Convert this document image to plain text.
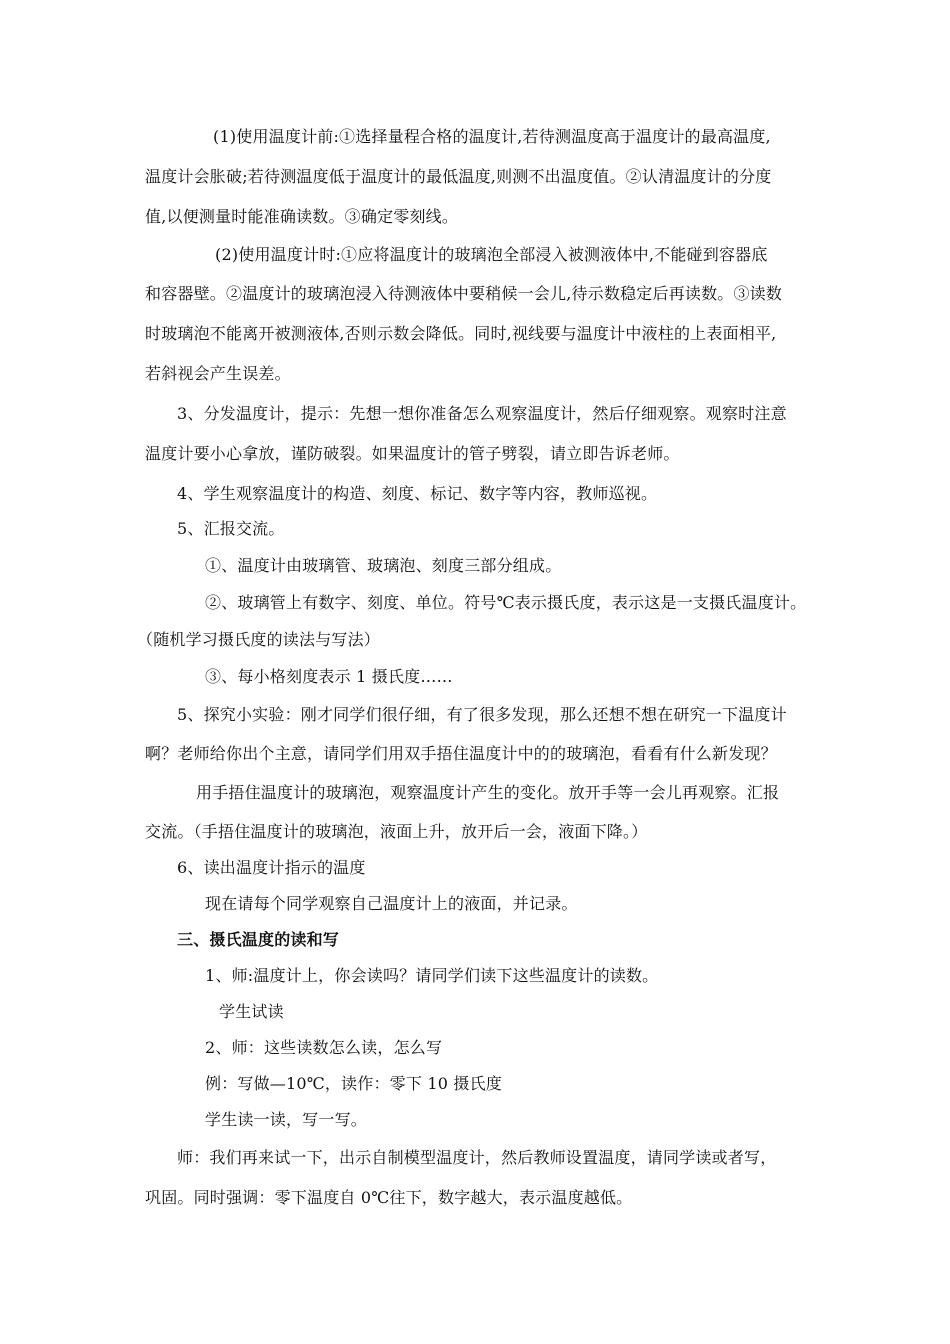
(1)使用温度计前:①选择量程合格的温度计,若待测温度高于温度计的最高温度,
温度计会胀破;若待测温度低于温度计的最低温度,则测不出温度值。②认清温度计的分度
值,以便测量时能准确读数。③确定零刻线。
(2)使用温度计时:①应将温度计的玻璃泡全部浸入被测液体中,不能碰到容器底
和容器壁。②温度计的玻璃泡浸入待测液体中要稍候一会儿,待示数稳定后再读数。③读数
时玻璃泡不能离开被测液体,否则示数会降低。同时,视线要与温度计中液柱的上表面相平,
若斜视会产生误差。
3、分发温度计，提示：先想一想你准备怎么观察温度计，然后仔细观察。观察时注意
温度计要小心拿放，谨防破裂。如果温度计的管子劈裂，请立即告诉老师。
4、学生观察温度计的构造、刻度、标记、数字等内容，教师巡视。
5、汇报交流。
①、温度计由玻璃管、玻璃泡、刻度三部分组成。
②、玻璃管上有数字、刻度、单位。符号℃表示摄氏度，表示这是一支摄氏温度计。
（随机学习摄氏度的读法与写法）
③、每小格刻度表示 1 摄氏度……
5、探究小实验：刚才同学们很仔细，有了很多发现，那么还想不想在研究一下温度计
啊？老师给你出个主意，请同学们用双手捂住温度计中的的玻璃泡，看看有什么新发现？
用手捂住温度计的玻璃泡，观察温度计产生的变化。放开手等一会儿再观察。汇报
交流。（手捂住温度计的玻璃泡，液面上升，放开后一会，液面下降。）
6、读出温度计指示的温度
现在请每个同学观察自己温度计上的液面，并记录。
三、摄氏温度的读和写
1、师:温度计上，你会读吗？请同学们读下这些温度计的读数。
学生试读
2、师：这些读数怎么读，怎么写
例：写做—10℃，读作：零下 10 摄氏度
学生读一读，写一写。
师：我们再来试一下，出示自制模型温度计，然后教师设置温度，请同学读或者写，
巩固。同时强调：零下温度自 0℃往下，数字越大，表示温度越低。
